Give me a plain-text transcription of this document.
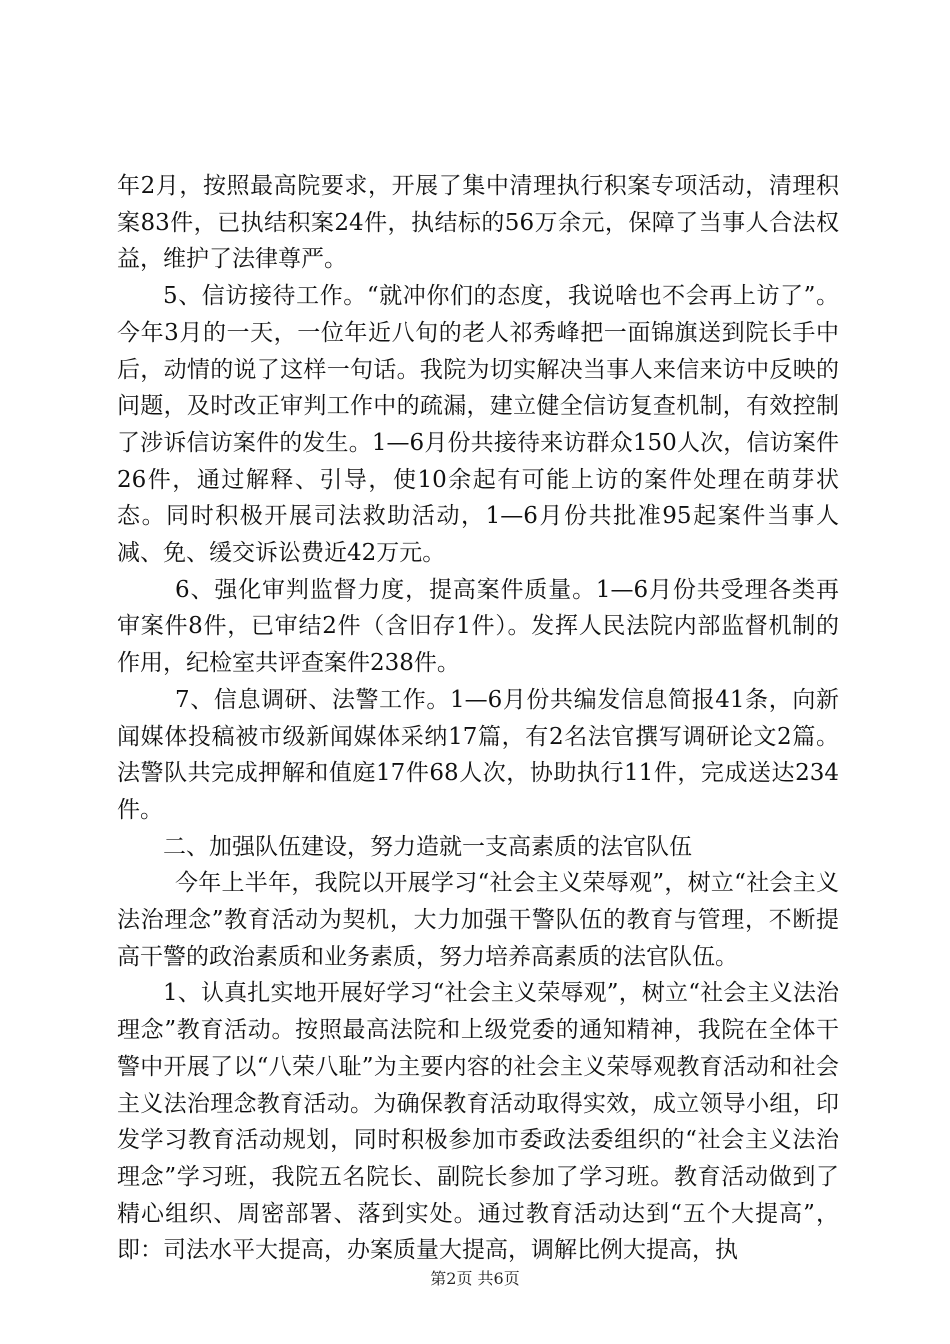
年2月，按照最高院要求，开展了集中清理执行积案专项活动，清理积案83件，已执结积案24件，执结标的56万余元，保障了当事人合法权益，维护了法律尊严。

5、信访接待工作。“就冲你们的态度，我说啥也不会再上访了”。今年3月的一天，一位年近八旬的老人祁秀峰把一面锦旗送到院长手中后，动情的说了这样一句话。我院为切实解决当事人来信来访中反映的问题，及时改正审判工作中的疏漏，建立健全信访复查机制，有效控制了涉诉信访案件的发生。1—6月份共接待来访群众150人次，信访案件26件，通过解释、引导，使10余起有可能上访的案件处理在萌芽状态。同时积极开展司法救助活动，1—6月份共批准95起案件当事人减、免、缓交诉讼费近42万元。

6、强化审判监督力度，提高案件质量。1—6月份共受理各类再审案件8件，已审结2件（含旧存1件）。发挥人民法院内部监督机制的作用，纪检室共评查案件238件。

7、信息调研、法警工作。1—6月份共编发信息简报41条，向新闻媒体投稿被市级新闻媒体采纳17篇，有2名法官撰写调研论文2篇。法警队共完成押解和值庭17件68人次，协助执行11件，完成送达234件。

二、加强队伍建设，努力造就一支高素质的法官队伍

今年上半年，我院以开展学习“社会主义荣辱观”，树立“社会主义法治理念”教育活动为契机，大力加强干警队伍的教育与管理，不断提高干警的政治素质和业务素质，努力培养高素质的法官队伍。

1、认真扎实地开展好学习“社会主义荣辱观”，树立“社会主义法治理念”教育活动。按照最高法院和上级党委的通知精神，我院在全体干警中开展了以“八荣八耻”为主要内容的社会主义荣辱观教育活动和社会主义法治理念教育活动。为确保教育活动取得实效，成立领导小组，印发学习教育活动规划，同时积极参加市委政法委组织的“社会主义法治理念”学习班，我院五名院长、副院长参加了学习班。教育活动做到了精心组织、周密部署、落到实处。通过教育活动达到“五个大提高”，即：司法水平大提高，办案质量大提高，调解比例大提高，执

第2页 共6页
